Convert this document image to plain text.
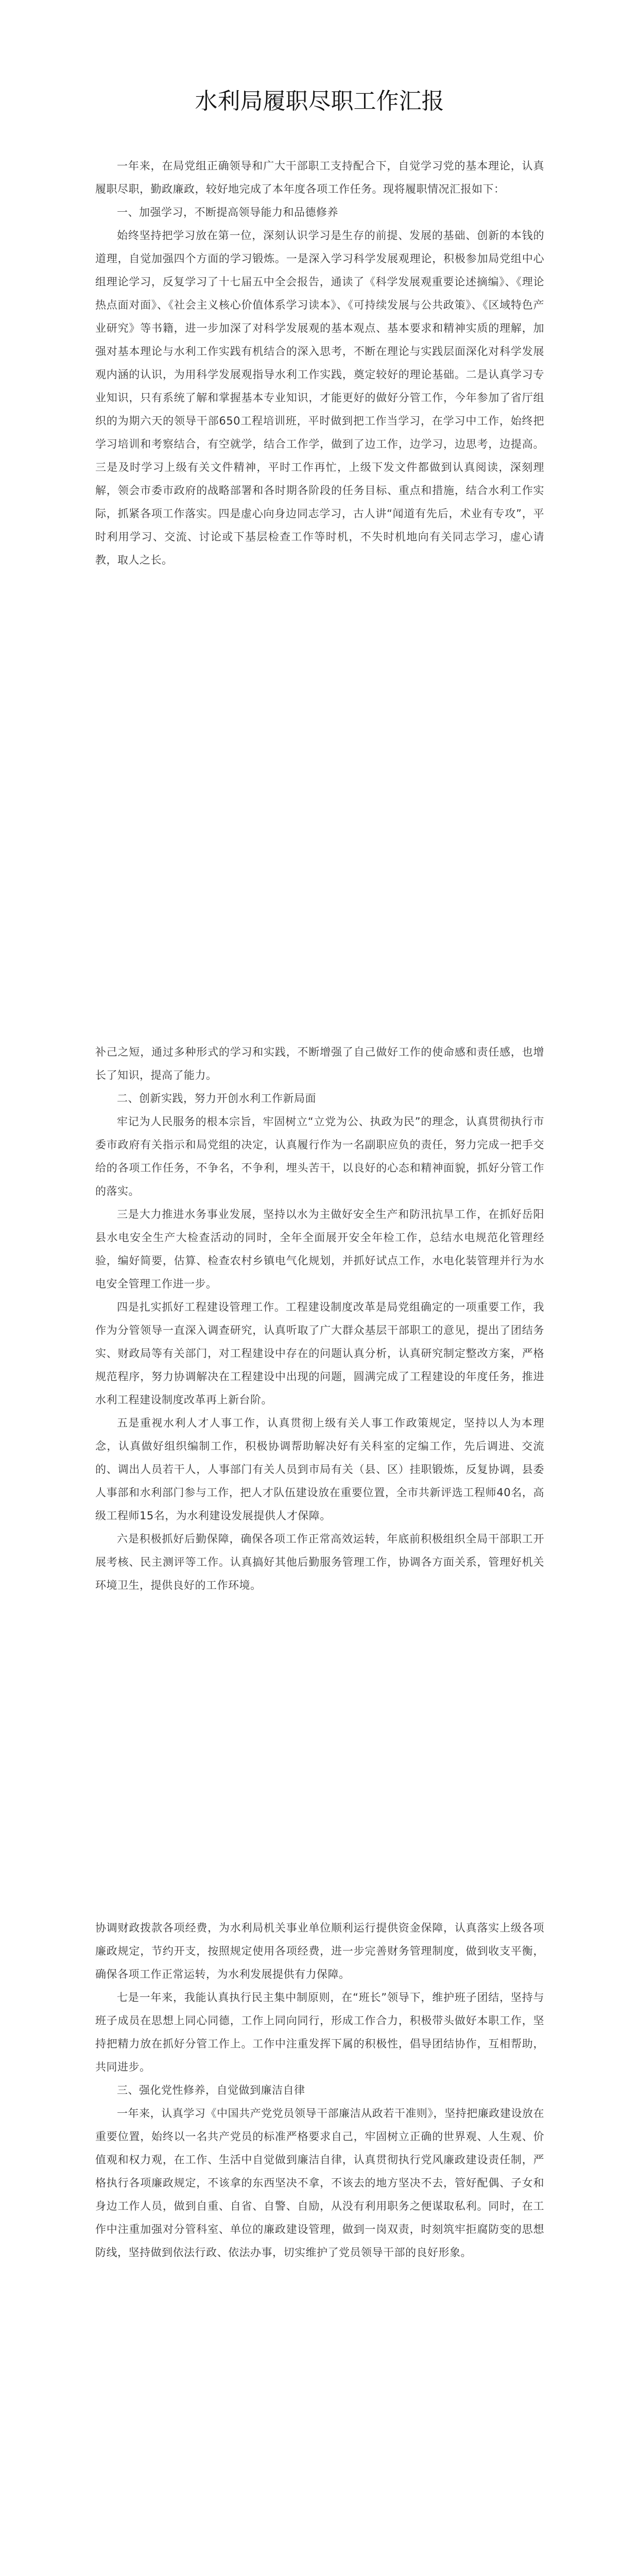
水利局履职尽职工作汇报

一年来，在局党组正确领导和广大干部职工支持配合下，自觉学习党的基本理论，认真履职尽职，勤政廉政，较好地完成了本年度各项工作任务。现将履职情况汇报如下：

一、加强学习，不断提高领导能力和品德修养

始终坚持把学习放在第一位，深刻认识学习是生存的前提、发展的基础、创新的本钱的道理，自觉加强四个方面的学习锻炼。一是深入学习科学发展观理论，积极参加局党组中心组理论学习，反复学习了十七届五中全会报告，通读了《科学发展观重要论述摘编》、《理论热点面对面》、《社会主义核心价值体系学习读本》、《可持续发展与公共政策》、《区域特色产业研究》等书籍，进一步加深了对科学发展观的基本观点、基本要求和精神实质的理解，加强对基本理论与水利工作实践有机结合的深入思考，不断在理论与实践层面深化对科学发展观内涵的认识，为用科学发展观指导水利工作实践，奠定较好的理论基础。二是认真学习专业知识，只有系统了解和掌握基本专业知识，才能更好的做好分管工作，今年参加了省厅组织的为期六天的领导干部650工程培训班，平时做到把工作当学习，在学习中工作，始终把学习培训和考察结合，有空就学，结合工作学，做到了边工作，边学习，边思考，边提高。三是及时学习上级有关文件精神，平时工作再忙，上级下发文件都做到认真阅读，深刻理解，领会市委市政府的战略部署和各时期各阶段的任务目标、重点和措施，结合水利工作实际，抓紧各项工作落实。四是虚心向身边同志学习，古人讲“闻道有先后，术业有专攻”，平时利用学习、交流、讨论或下基层检查工作等时机，不失时机地向有关同志学习，虚心请教，取人之长。

补己之短，通过多种形式的学习和实践，不断增强了自己做好工作的使命感和责任感，也增长了知识，提高了能力。

二、创新实践，努力开创水利工作新局面

牢记为人民服务的根本宗旨，牢固树立“立党为公、执政为民”的理念，认真贯彻执行市委市政府有关指示和局党组的决定，认真履行作为一名副职应负的责任，努力完成一把手交给的各项工作任务，不争名，不争利，埋头苦干，以良好的心态和精神面貌，抓好分管工作的落实。

三是大力推进水务事业发展，坚持以水为主做好安全生产和防汛抗旱工作，在抓好岳阳县水电安全生产大检查活动的同时，全年全面展开安全年检工作，总结水电规范化管理经验，编好简要，估算、检查农村乡镇电气化规划，并抓好试点工作，水电化装管理并行为水电安全管理工作进一步。

四是扎实抓好工程建设管理工作。工程建设制度改革是局党组确定的一项重要工作，我作为分管领导一直深入调查研究，认真听取了广大群众基层干部职工的意见，提出了团结务实、财政局等有关部门，对工程建设中存在的问题认真分析，认真研究制定整改方案，严格规范程序，努力协调解决在工程建设中出现的问题，圆满完成了工程建设的年度任务，推进水利工程建设制度改革再上新台阶。

五是重视水利人才人事工作，认真贯彻上级有关人事工作政策规定，坚持以人为本理念，认真做好组织编制工作，积极协调帮助解决好有关科室的定编工作，先后调进、交流的、调出人员若干人，人事部门有关人员到市局有关（县、区）挂职锻炼，反复协调，县委人事部和水利部门参与工作，把人才队伍建设放在重要位置，全市共新评选工程师40名，高级工程师15名，为水利建设发展提供人才保障。

六是积极抓好后勤保障，确保各项工作正常高效运转，年底前积极组织全局干部职工开展考核、民主测评等工作。认真搞好其他后勤服务管理工作，协调各方面关系，管理好机关环境卫生，提供良好的工作环境。

协调财政拨款各项经费，为水利局机关事业单位顺利运行提供资金保障，认真落实上级各项廉政规定，节约开支，按照规定使用各项经费，进一步完善财务管理制度，做到收支平衡，确保各项工作正常运转，为水利发展提供有力保障。

七是一年来，我能认真执行民主集中制原则，在“班长”领导下，维护班子团结，坚持与班子成员在思想上同心同德，工作上同向同行，形成工作合力，积极带头做好本职工作，坚持把精力放在抓好分管工作上。工作中注重发挥下属的积极性，倡导团结协作，互相帮助，共同进步。

三、强化党性修养，自觉做到廉洁自律

一年来，认真学习《中国共产党党员领导干部廉洁从政若干准则》，坚持把廉政建设放在重要位置，始终以一名共产党员的标准严格要求自己，牢固树立正确的世界观、人生观、价值观和权力观，在工作、生活中自觉做到廉洁自律，认真贯彻执行党风廉政建设责任制，严格执行各项廉政规定，不该拿的东西坚决不拿，不该去的地方坚决不去，管好配偶、子女和身边工作人员，做到自重、自省、自警、自励，从没有利用职务之便谋取私利。同时，在工作中注重加强对分管科室、单位的廉政建设管理，做到一岗双责，时刻筑牢拒腐防变的思想防线，坚持做到依法行政、依法办事，切实维护了党员领导干部的良好形象。
